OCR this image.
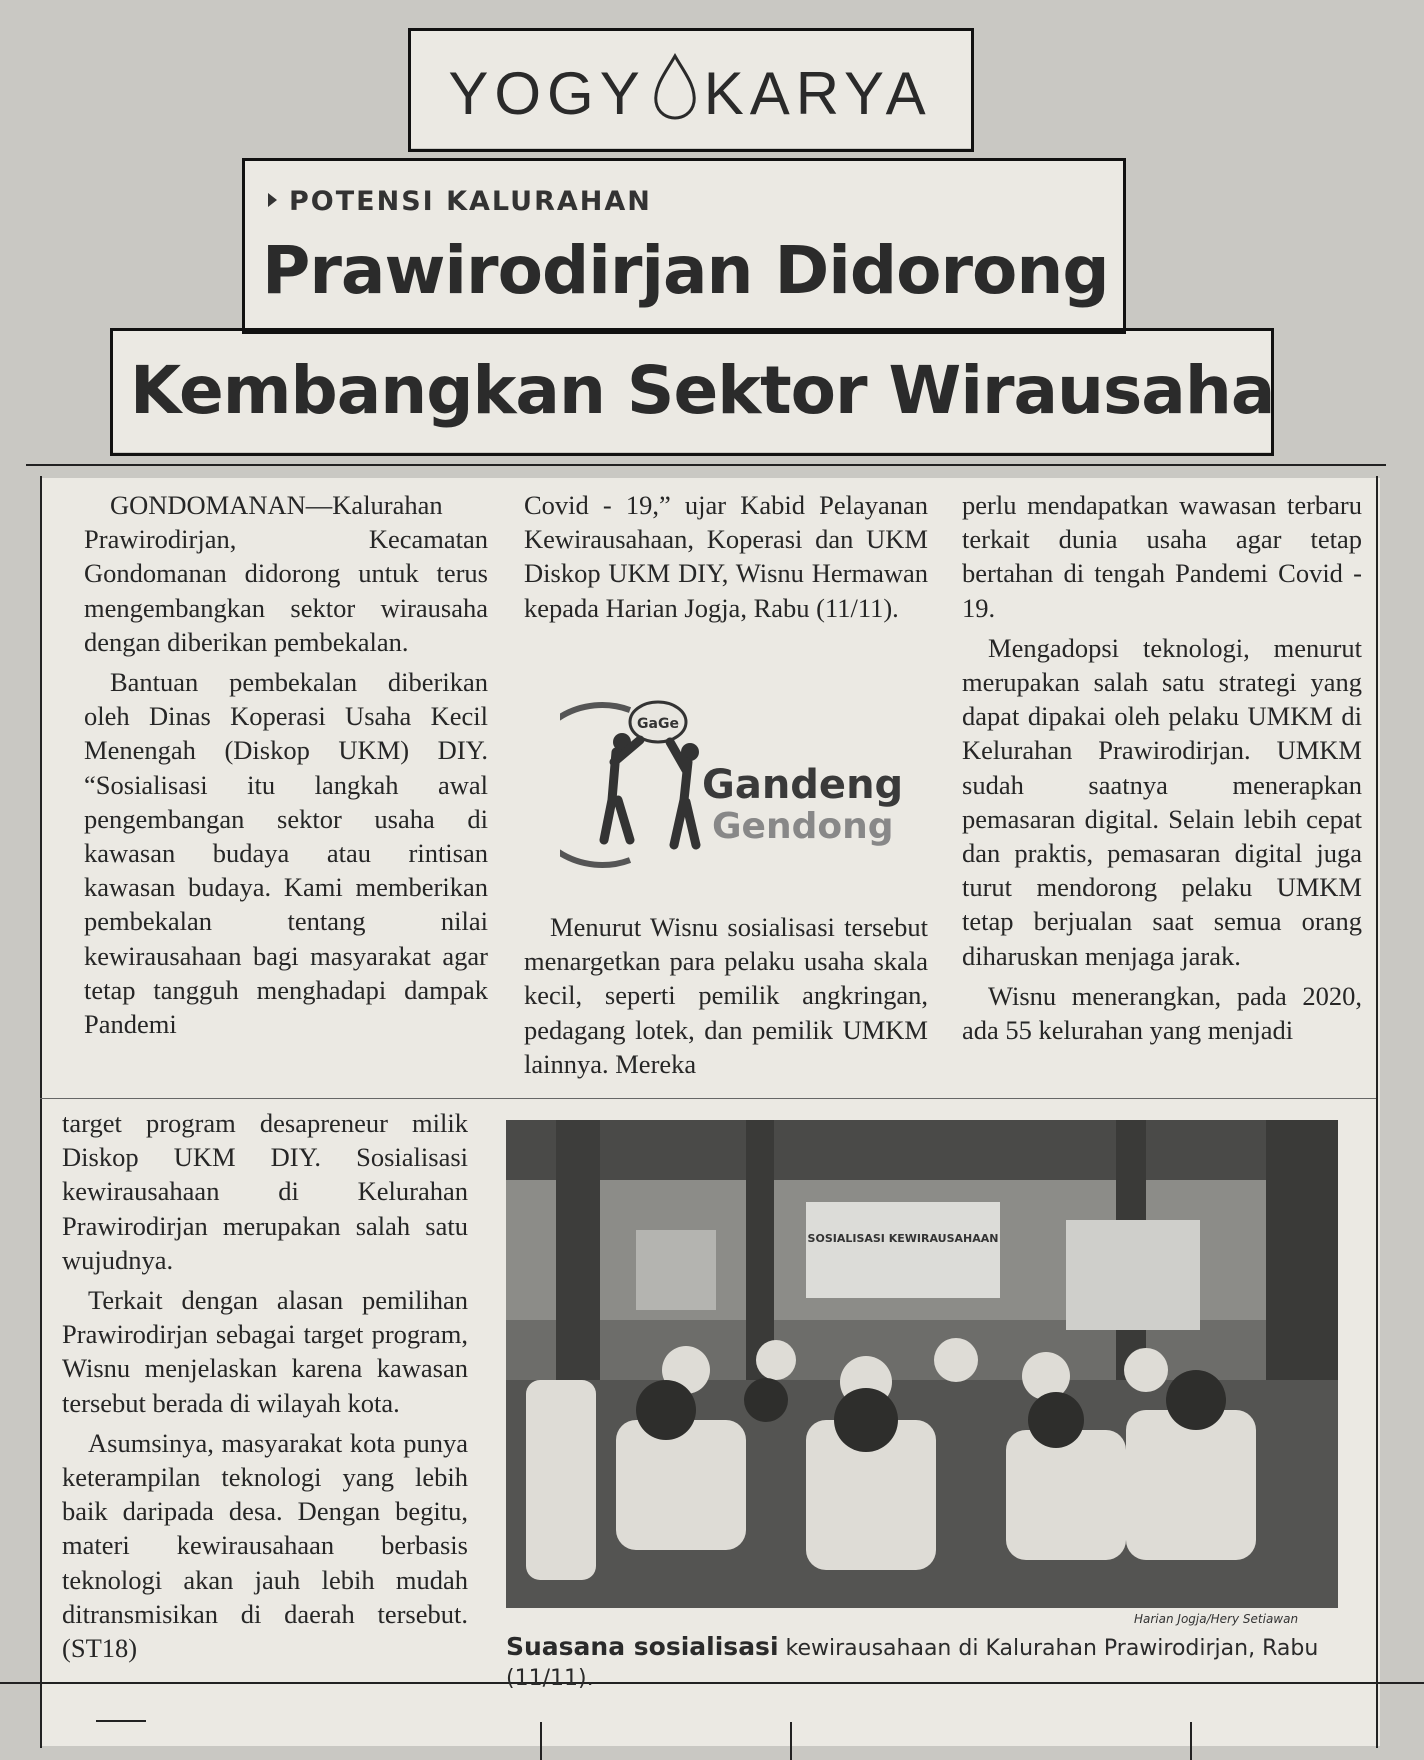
YOGY KARYA
POTENSI KALURAHAN
Prawirodirjan Didorong
Kembangkan Sektor Wirausaha

GONDOMANAN—Kalurahan Prawirodirjan, Kecamatan Gondomanan didorong untuk terus mengembangkan sektor wirausaha dengan diberikan pembekalan.

Bantuan pembekalan diberikan oleh Dinas Koperasi Usaha Kecil Menengah (Diskop UKM) DIY. “Sosialisasi itu langkah awal pengembangan sektor usaha di kawasan budaya atau rintisan kawasan budaya. Kami memberikan pembekalan tentang nilai kewirausahaan bagi masyarakat agar tetap tangguh menghadapi dampak Pandemi

Covid - 19,” ujar Kabid Pelayanan Kewirausahaan, Koperasi dan UKM Diskop UKM DIY, Wisnu Hermawan kepada Harian Jogja, Rabu (11/11).

GaGe
Gandeng
Gendong

Menurut Wisnu sosialisasi tersebut menargetkan para pelaku usaha skala kecil, seperti pemilik angkringan, pedagang lotek, dan pemilik UMKM lainnya. Mereka

perlu mendapatkan wawasan terbaru terkait dunia usaha agar tetap bertahan di tengah Pandemi Covid - 19.

Mengadopsi teknologi, menurut merupakan salah satu strategi yang dapat dipakai oleh pelaku UMKM di Kelurahan Prawirodirjan. UMKM sudah saatnya menerapkan pemasaran digital. Selain lebih cepat dan praktis, pemasaran digital juga turut mendorong pelaku UMKM tetap berjualan saat semua orang diharuskan menjaga jarak.

Wisnu menerangkan, pada 2020, ada 55 kelurahan yang menjadi

target program desapreneur milik Diskop UKM DIY. Sosialisasi kewirausahaan di Kelurahan Prawirodirjan merupakan salah satu wujudnya.

Terkait dengan alasan pemilihan Prawirodirjan sebagai target program, Wisnu menjelaskan karena kawasan tersebut berada di wilayah kota.

Asumsinya, masyarakat kota punya keterampilan teknologi yang lebih baik daripada desa. Dengan begitu, materi kewirausahaan berbasis teknologi akan jauh lebih mudah ditransmisikan di daerah tersebut. (ST18)

SOSIALISASI KEWIRAUSAHAAN
Harian Jogja/Hery Setiawan
Suasana sosialisasi kewirausahaan di Kalurahan Prawirodirjan, Rabu (11/11).
